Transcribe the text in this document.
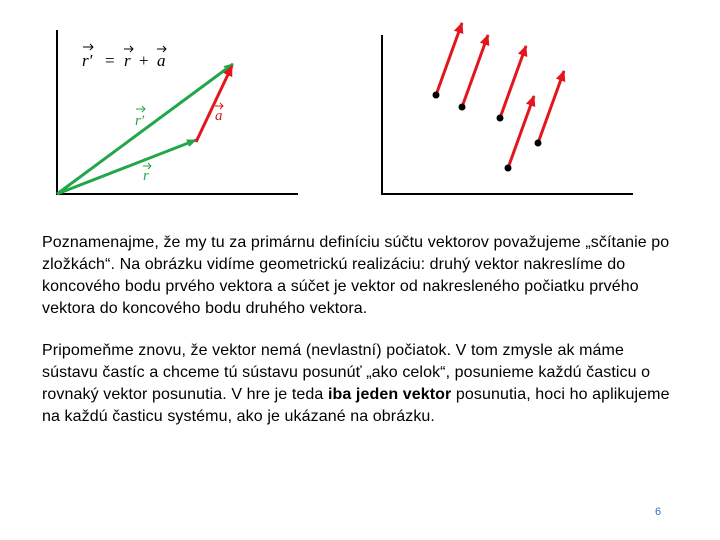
r′ = r + a
r′	a
r

Poznamenajme, že my tu za primárnu definíciu súčtu vektorov považujeme „sčítanie po zložkách“. Na obrázku vidíme geometrickú realizáciu: druhý vektor nakreslíme do koncového bodu prvého vektora a súčet je vektor od nakresleného počiatku prvého vektora do koncového bodu druhého vektora.

Pripomeňme znovu, že vektor nemá (nevlastní) počiatok. V tom zmysle ak máme sústavu častíc a chceme tú sústavu posunúť „ako celok“, posunieme každú časticu o rovnaký vektor posunutia. V hre je teda iba jeden vektor posunutia, hoci ho aplikujeme na každú časticu systému, ako je ukázané na obrázku.

6
